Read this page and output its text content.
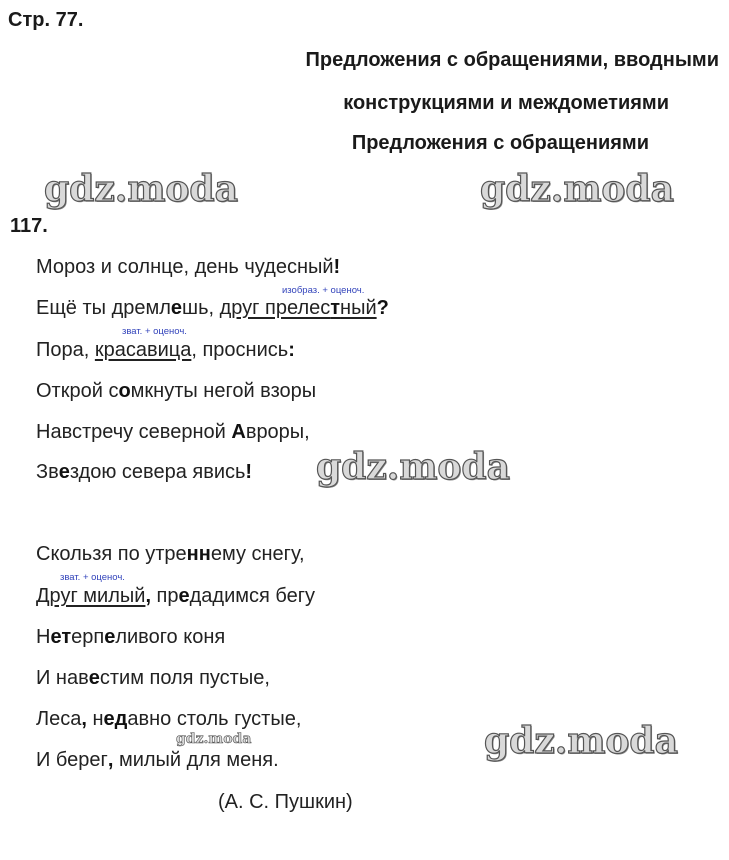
Стр. 77.
Предложения с обращениями, вводными
конструкциями и междометиями
Предложения с обращениями
gdz.moda	gdz.moda
117.
Мороз и солнце, день чудесный!
изобраз. + оценоч.
Ещё ты дремлешь, друг прелестный?
зват. + оценоч.
Пора, красавица, проснись:
Открой сомкнуты негой взоры
Навстречу северной Авроры,
Звездою севера явись! gdz.moda
Скользя по утреннему снегу,
зват. + оценоч.
Друг милый, предадимся бегу
Нетерпеливого коня
И навестим поля пустые,
Леса, недавно столь густые,
gdz.moda	gdz.moda
И берег, милый для меня.
(А. С. Пушкин)
